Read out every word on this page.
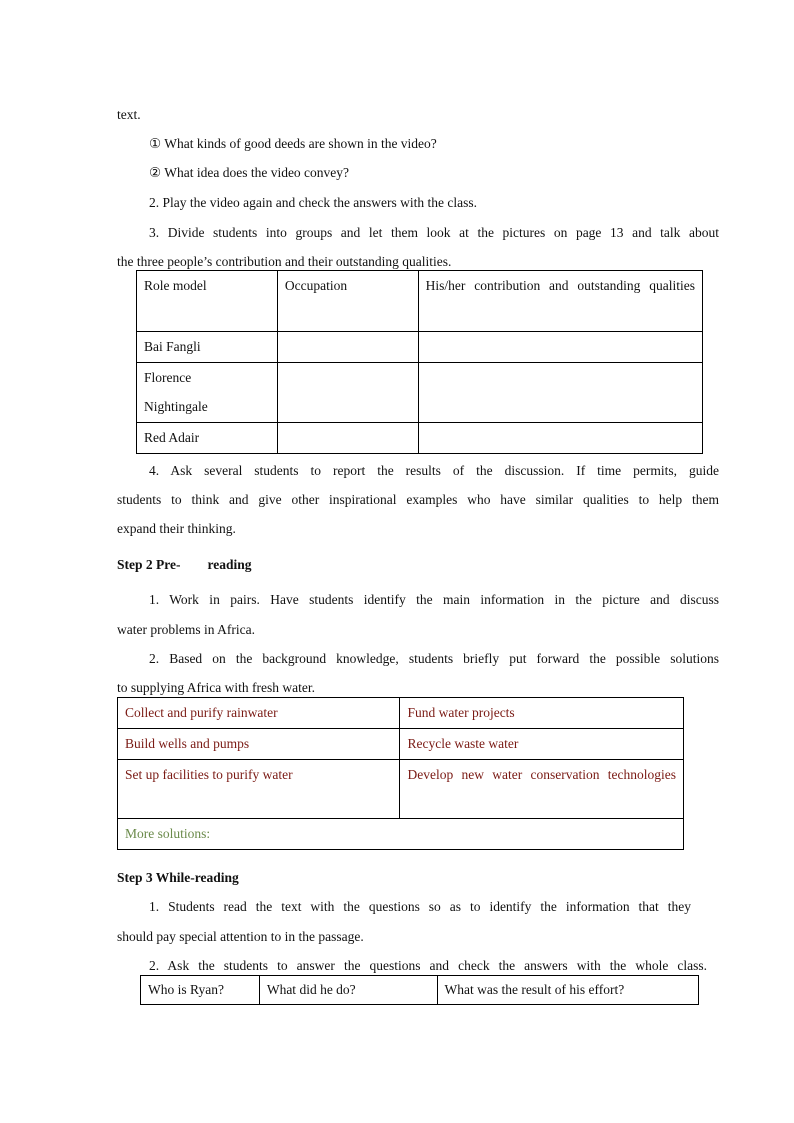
text.
① What kinds of good deeds are shown in the video?
② What idea does the video convey?
2. Play the video again and check the answers with the class.
3. Divide students into groups and let them look at the pictures on page 13 and talk about
the three people’s contribution and their outstanding qualities.
Role model	Occupation	His/her contribution and outstanding qualities

Bai Fangli		

Florence Nightingale		

Red Adair		
4. Ask several students to report the results of the discussion. If time permits, guide
students to think and give other inspirational examples who have similar qualities to help them
expand their thinking.
Step 2 Pre-        reading
1. Work in pairs. Have students identify the main information in the picture and discuss
water problems in Africa.
2. Based on the background knowledge, students briefly put forward the possible solutions
to supplying Africa with fresh water.
Collect and purify rainwater	Fund water projects
Build wells and pumps	Recycle waste water
Set up facilities to purify water	Develop new water conservation technologies

More solutions:	
Step 3 While-reading
1. Students read the text with the questions so as to identify the information that they
should pay special attention to in the passage.
2. Ask the students to answer the questions and check the answers with the whole class.
Who is Ryan?	What did he do?	What was the result of his effort?
